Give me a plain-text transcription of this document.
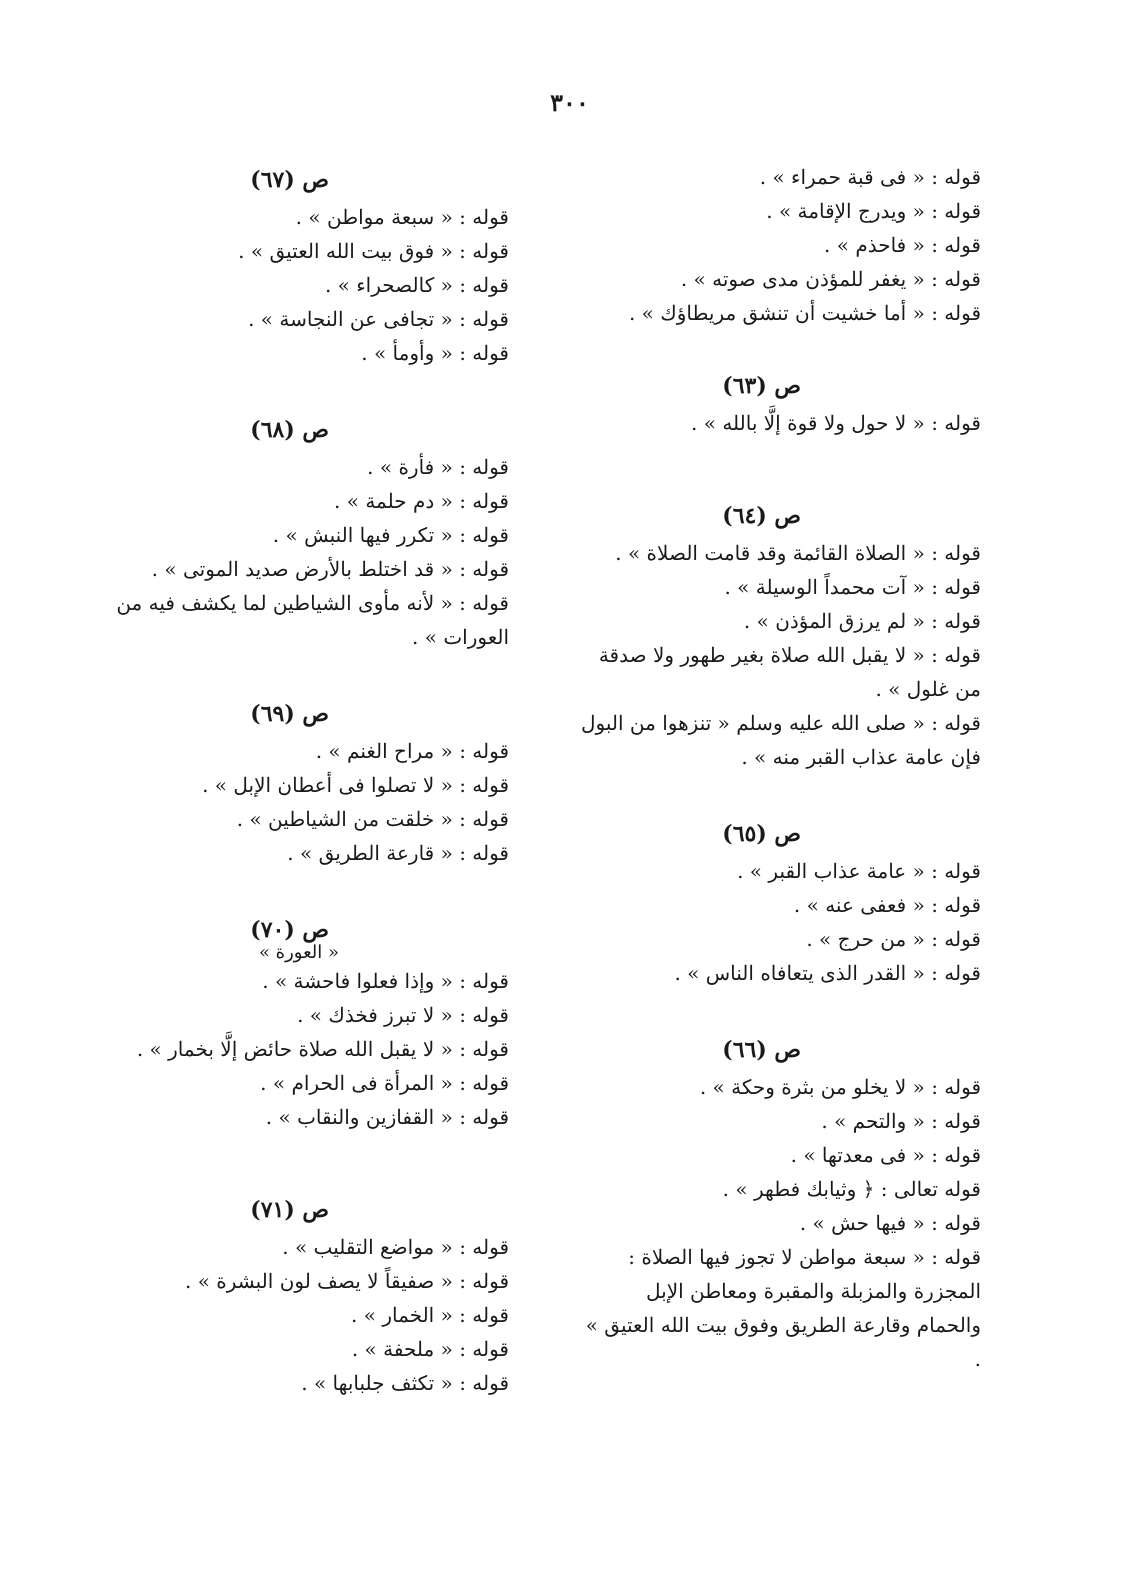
٣٠٠

قوله : « فى قبة حمراء » .

قوله : « ويدرج الإقامة » .

قوله : « فاحذم » .

قوله : « يغفر للمؤذن مدى صوته » .

قوله : « أما خشيت أن تنشق مريطاؤك » .

ص (٦٣)

قوله : « لا حول ولا قوة إلَّا بالله » .

ص (٦٤)

قوله : « الصلاة القائمة وقد قامت الصلاة » .

قوله : « آت محمداً الوسيلة » .

قوله : « لم يرزق المؤذن » .

قوله : « لا يقبل الله صلاة بغير طهور ولا صدقة من غلول » .

قوله : « صلى الله عليه وسلم « تنزهوا من البول فإن عامة عذاب القبر منه » .

ص (٦٥)

قوله : « عامة عذاب القبر » .

قوله : « فعفى عنه » .

قوله : « من حرج » .

قوله : « القدر الذى يتعافاه الناس » .

ص (٦٦)

قوله : « لا يخلو من بثرة وحكة » .

قوله : « والتحم » .

قوله : « فى معدتها » .

قوله تعالى : ﴿ وثيابك فطهر » .

قوله : « فيها حش » .

قوله : « سبعة مواطن لا تجوز فيها الصلاة : المجزرة والمزبلة والمقبرة ومعاطن الإبل والحمام وقارعة الطريق وفوق بيت الله العتيق » .

ص (٦٧)

قوله : « سبعة مواطن » .

قوله : « فوق بيت الله العتيق » .

قوله : « كالصحراء » .

قوله : « تجافى عن النجاسة » .

قوله : « وأومأ » .

ص (٦٨)

قوله : « فأرة » .

قوله : « دم حلمة » .

قوله : « تكرر فيها النبش » .

قوله : « قد اختلط بالأرض صديد الموتى » .

قوله : « لأنه مأوى الشياطين لما يكشف فيه من العورات » .

ص (٦٩)

قوله : « مراح الغنم » .

قوله : « لا تصلوا فى أعطان الإبل » .

قوله : « خلقت من الشياطين » .

قوله : « قارعة الطريق » .

ص (٧٠)
« العورة »

قوله : « وإذا فعلوا فاحشة » .

قوله : « لا تبرز فخذك » .

قوله : « لا يقبل الله صلاة حائض إلَّا بخمار » .

قوله : « المرأة فى الحرام » .

قوله : « القفازين والنقاب » .

ص (٧١)

قوله : « مواضع التقليب » .

قوله : « صفيقاً لا يصف لون البشرة » .

قوله : « الخمار » .

قوله : « ملحفة » .

قوله : « تكثف جلبابها » .
